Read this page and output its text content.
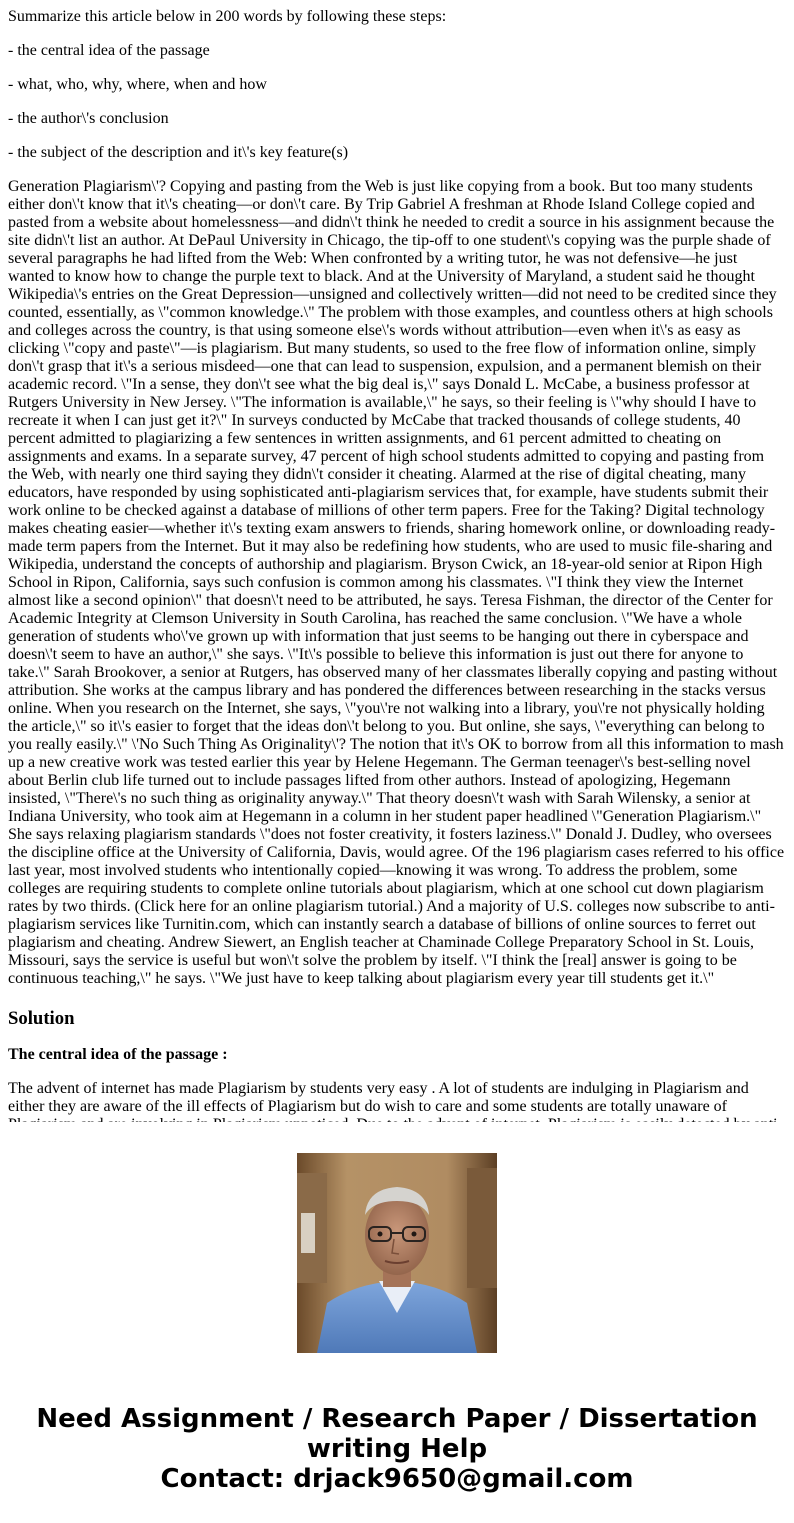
Summarize this article below in 200 words by following these steps:

- the central idea of the passage

- what, who, why, where, when and how

- the author\'s conclusion

- the subject of the description and it\'s key feature(s)

Generation Plagiarism\'? Copying and pasting from the Web is just like copying from a book. But too many students either don\'t know that it\'s cheating—or don\'t care. By Trip Gabriel A freshman at Rhode Island College copied and pasted from a website about homelessness—and didn\'t think he needed to credit a source in his assignment because the site didn\'t list an author. At DePaul University in Chicago, the tip-off to one student\'s copying was the purple shade of several paragraphs he had lifted from the Web: When confronted by a writing tutor, he was not defensive—he just wanted to know how to change the purple text to black. And at the University of Maryland, a student said he thought Wikipedia\'s entries on the Great Depression—unsigned and collectively written—did not need to be credited since they counted, essentially, as \"common knowledge.\" The problem with those examples, and countless others at high schools and colleges across the country, is that using someone else\'s words without attribution—even when it\'s as easy as clicking \"copy and paste\"—is plagiarism. But many students, so used to the free flow of information online, simply don\'t grasp that it\'s a serious misdeed—one that can lead to suspension, expulsion, and a permanent blemish on their academic record. \"In a sense, they don\'t see what the big deal is,\" says Donald L. McCabe, a business professor at Rutgers University in New Jersey. \"The information is available,\" he says, so their feeling is \"why should I have to recreate it when I can just get it?\" In surveys conducted by McCabe that tracked thousands of college students, 40 percent admitted to plagiarizing a few sentences in written assignments, and 61 percent admitted to cheating on assignments and exams. In a separate survey, 47 percent of high school students admitted to copying and pasting from the Web, with nearly one third saying they didn\'t consider it cheating. Alarmed at the rise of digital cheating, many educators, have responded by using sophisticated anti-plagiarism services that, for example, have students submit their work online to be checked against a database of millions of other term papers. Free for the Taking? Digital technology makes cheating easier—whether it\'s texting exam answers to friends, sharing homework online, or downloading ready-made term papers from the Internet. But it may also be redefining how students, who are used to music file-sharing and Wikipedia, understand the concepts of authorship and plagiarism. Bryson Cwick, an 18-year-old senior at Ripon High School in Ripon, California, says such confusion is common among his classmates. \"I think they view the Internet almost like a second opinion\" that doesn\'t need to be attributed, he says. Teresa Fishman, the director of the Center for Academic Integrity at Clemson University in South Carolina, has reached the same conclusion. \"We have a whole generation of students who\'ve grown up with information that just seems to be hanging out there in cyberspace and doesn\'t seem to have an author,\" she says. \"It\'s possible to believe this information is just out there for anyone to take.\" Sarah Brookover, a senior at Rutgers, has observed many of her classmates liberally copying and pasting without attribution. She works at the campus library and has pondered the differences between researching in the stacks versus online. When you research on the Internet, she says, \"you\'re not walking into a library, you\'re not physically holding the article,\" so it\'s easier to forget that the ideas don\'t belong to you. But online, she says, \"everything can belong to you really easily.\" \'No Such Thing As Originality\'? The notion that it\'s OK to borrow from all this information to mash up a new creative work was tested earlier this year by Helene Hegemann. The German teenager\'s best-selling novel about Berlin club life turned out to include passages lifted from other authors. Instead of apologizing, Hegemann insisted, \"There\'s no such thing as originality anyway.\" That theory doesn\'t wash with Sarah Wilensky, a senior at Indiana University, who took aim at Hegemann in a column in her student paper headlined \"Generation Plagiarism.\" She says relaxing plagiarism standards \"does not foster creativity, it fosters laziness.\" Donald J. Dudley, who oversees the discipline office at the University of California, Davis, would agree. Of the 196 plagiarism cases referred to his office last year, most involved students who intentionally copied—knowing it was wrong. To address the problem, some colleges are requiring students to complete online tutorials about plagiarism, which at one school cut down plagiarism rates by two thirds. (Click here for an online plagiarism tutorial.) And a majority of U.S. colleges now subscribe to anti-plagiarism services like Turnitin.com, which can instantly search a database of billions of online sources to ferret out plagiarism and cheating. Andrew Siewert, an English teacher at Chaminade College Preparatory School in St. Louis, Missouri, says the service is useful but won\'t solve the problem by itself. \"I think the [real] answer is going to be continuous teaching,\" he says. \"We just have to keep talking about plagiarism every year till students get it.\"

Solution
The central idea of the passage :

The advent of internet has made Plagiarism by students very easy . A lot of students are indulging in Plagiarism and either they are aware of the ill effects of Plagiarism but do wish to care and some students are totally unaware of

Need Assignment / Research Paper / Dissertation
writing Help
Contact: drjack9650@gmail.com
